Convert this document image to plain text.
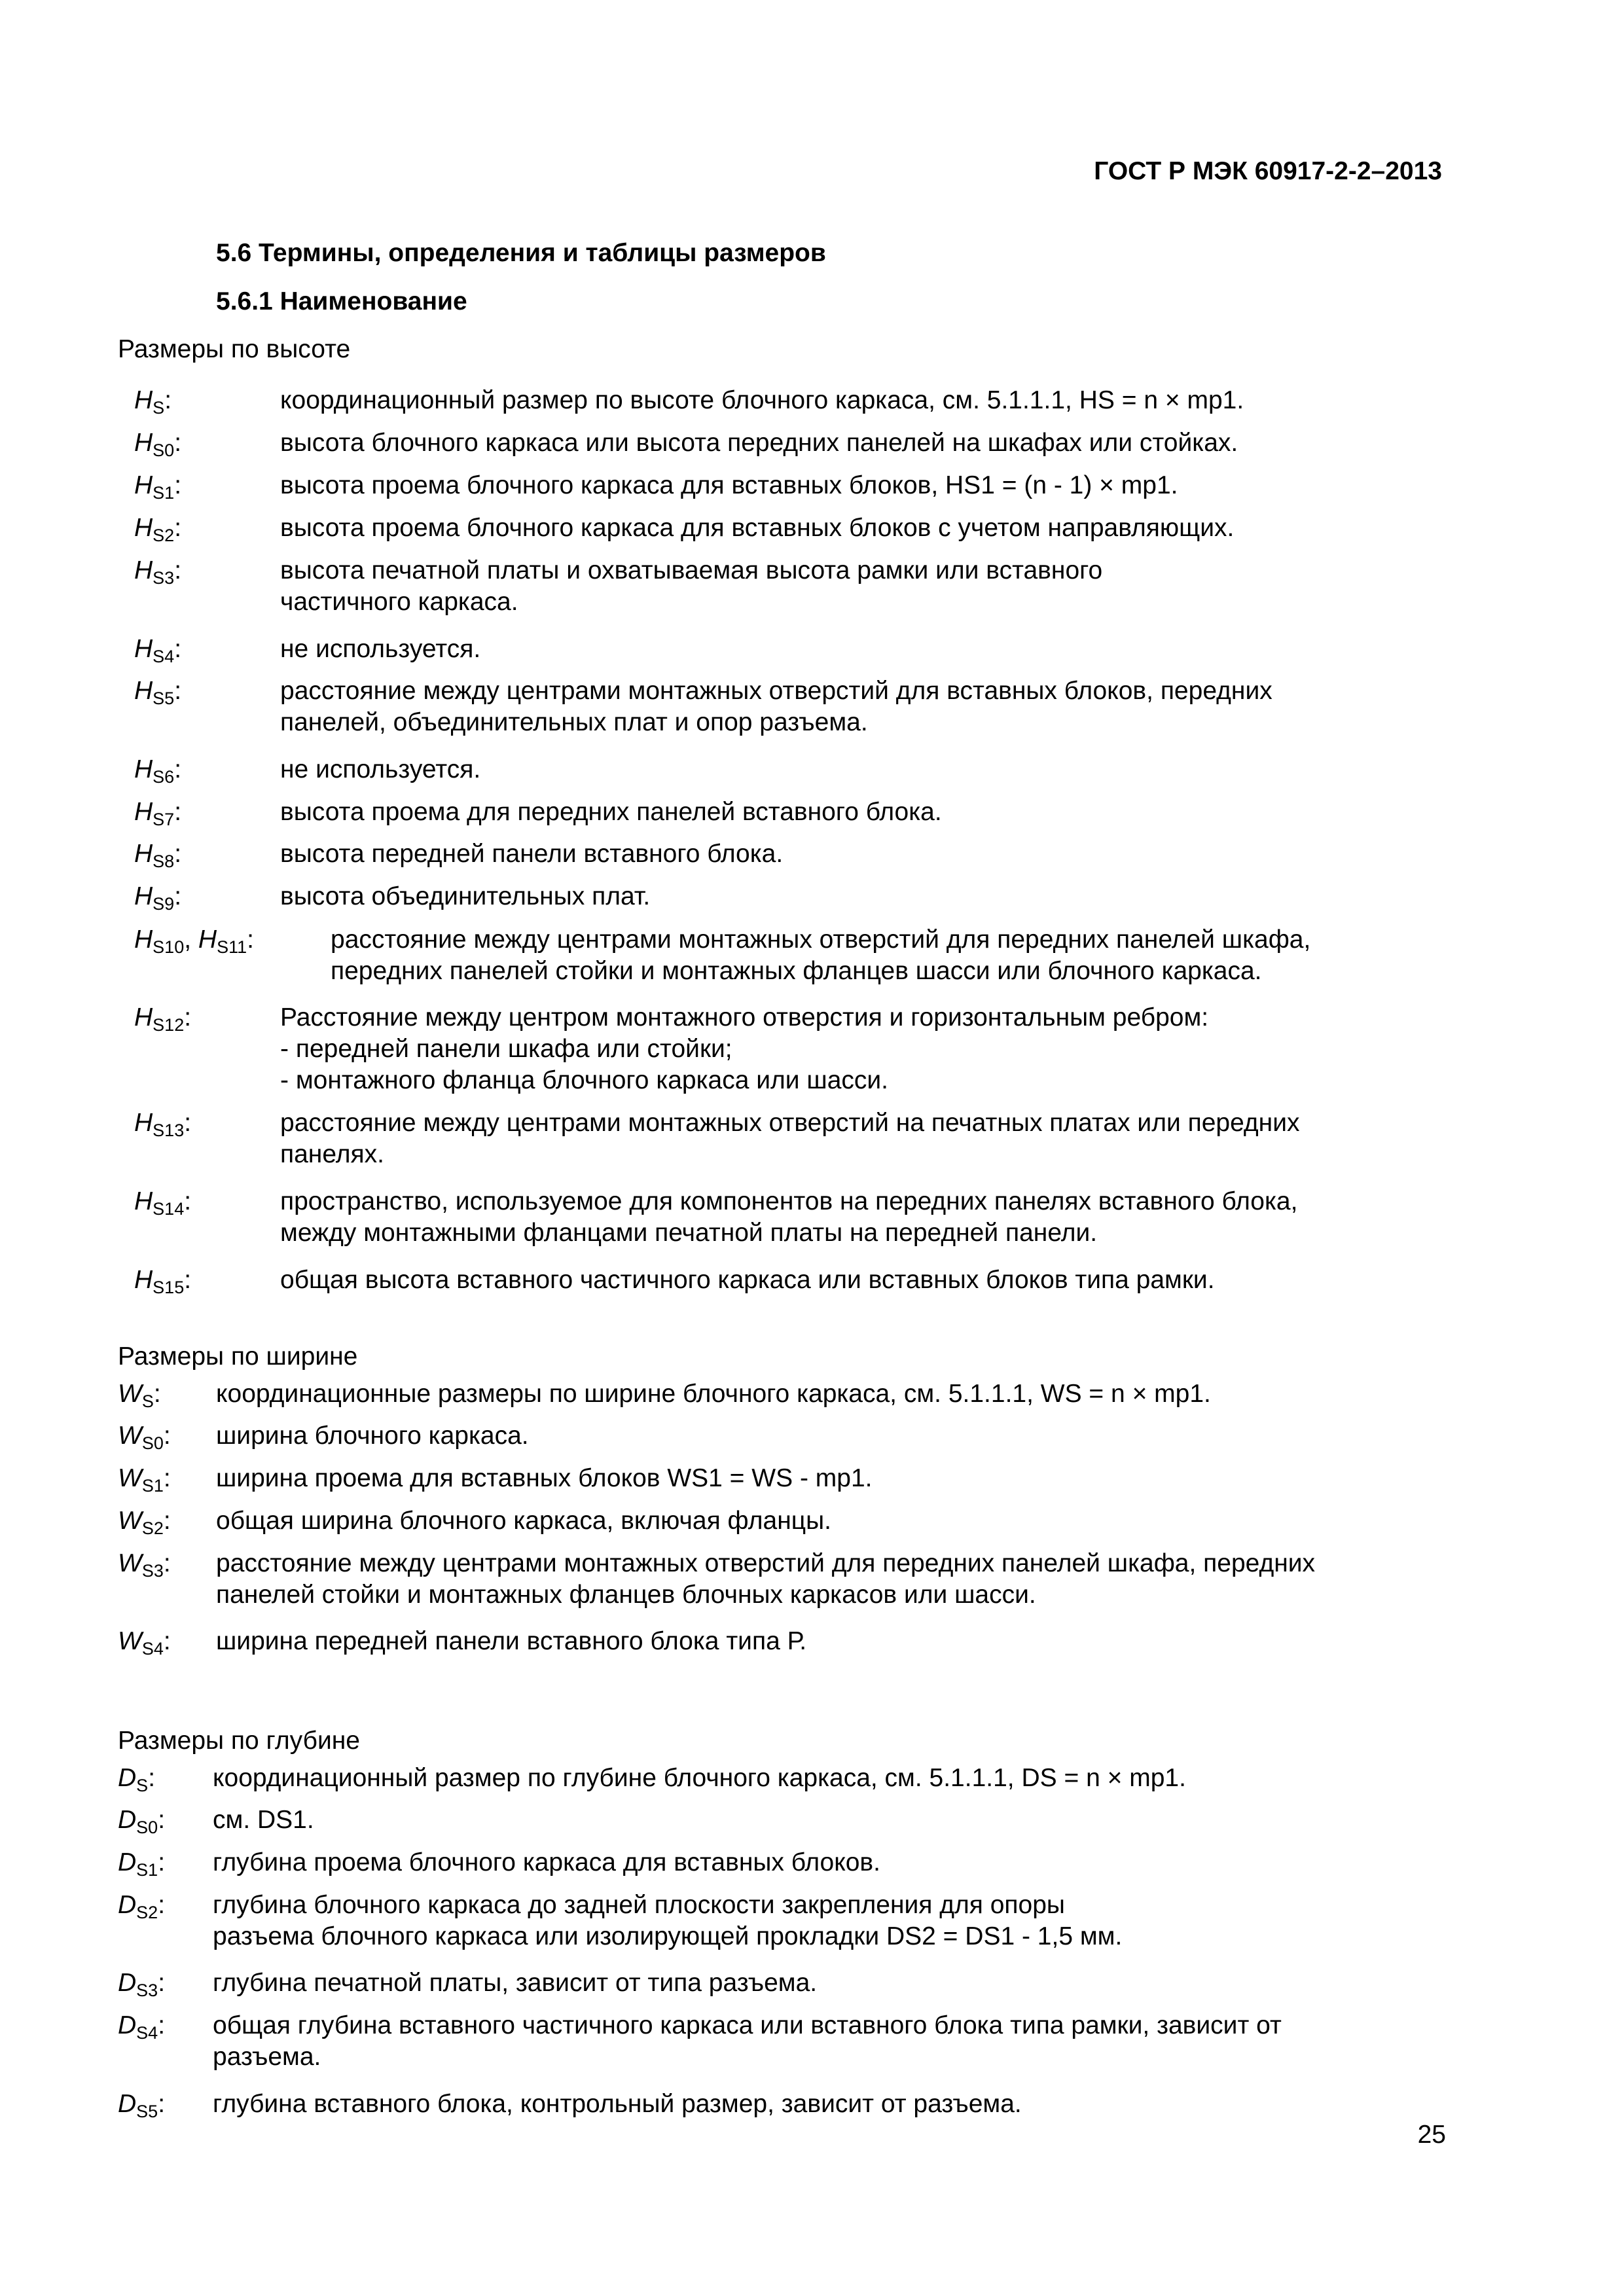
ГОСТ Р МЭК 60917-2-2–2013
5.6 Термины, определения и таблицы размеров
5.6.1 Наименование
Размеры по высоте
$H_S$:	координационный размер по высоте блочного каркаса, см. 5.1.1.1, HS = n × mp1.
$H_{S0}$:	высота блочного каркаса или высота передних панелей на шкафах или стойках.
$H_{S1}$:	высота проема блочного каркаса для вставных блоков, HS1 = (n - 1) × mp1.
$H_{S2}$:	высота проема блочного каркаса для вставных блоков с учетом направляющих.
$H_{S3}$:	высота печатной платы и охватываемая высота рамки или вставного
частичного каркаса.
$H_{S4}$:	не используется.
$H_{S5}$:	расстояние между центрами монтажных отверстий для вставных блоков, передних
панелей, объединительных плат и опор разъема.
$H_{S6}$:	не используется.
$H_{S7}$:	высота проема для передних панелей вставного блока.
$H_{S8}$:	высота передней панели вставного блока.
$H_{S9}$:	высота объединительных плат.
$H_{S10}$, $H_{S11}$:	расстояние между центрами монтажных отверстий для передних панелей шкафа,
передних панелей стойки и монтажных фланцев шасси или блочного каркаса.
$H_{S12}$:	Расстояние между центром монтажного отверстия и горизонтальным ребром:
- передней панели шкафа или стойки;
- монтажного фланца блочного каркаса или шасси.
$H_{S13}$:	расстояние между центрами монтажных отверстий на печатных платах или передних
панелях.
$H_{S14}$:	пространство, используемое для компонентов на передних панелях вставного блока,
между монтажными фланцами печатной платы на передней панели.
$H_{S15}$:	общая высота вставного частичного каркаса или вставных блоков типа рамки.
Размеры по ширине
$W_S$: координационные размеры по ширине блочного каркаса, см. 5.1.1.1, WS = n × mp1.
$W_{S0}$: ширина блочного каркаса.
$W_{S1}$: ширина проема для вставных блоков WS1 = WS - mp1.
$W_{S2}$: общая ширина блочного каркаса, включая фланцы.
$W_{S3}$: расстояние между центрами монтажных отверстий для передних панелей шкафа, передних
панелей стойки и монтажных фланцев блочных каркасов или шасси.
$W_{S4}$: ширина передней панели вставного блока типа Р.
Размеры по глубине
$D_S$: координационный размер по глубине блочного каркаса, см. 5.1.1.1, DS = n × mp1.
$D_{S0}$: см. DS1.
$D_{S1}$: глубина проема блочного каркаса для вставных блоков.
$D_{S2}$: глубина блочного каркаса до задней плоскости закрепления для опоры
разъема блочного каркаса или изолирующей прокладки DS2 = DS1 - 1,5 мм.
$D_{S3}$: глубина печатной платы, зависит от типа разъема.
$D_{S4}$: общая глубина вставного частичного каркаса или вставного блока типа рамки, зависит от
разъема.
$D_{S5}$: глубина вставного блока, контрольный размер, зависит от разъема.
25
